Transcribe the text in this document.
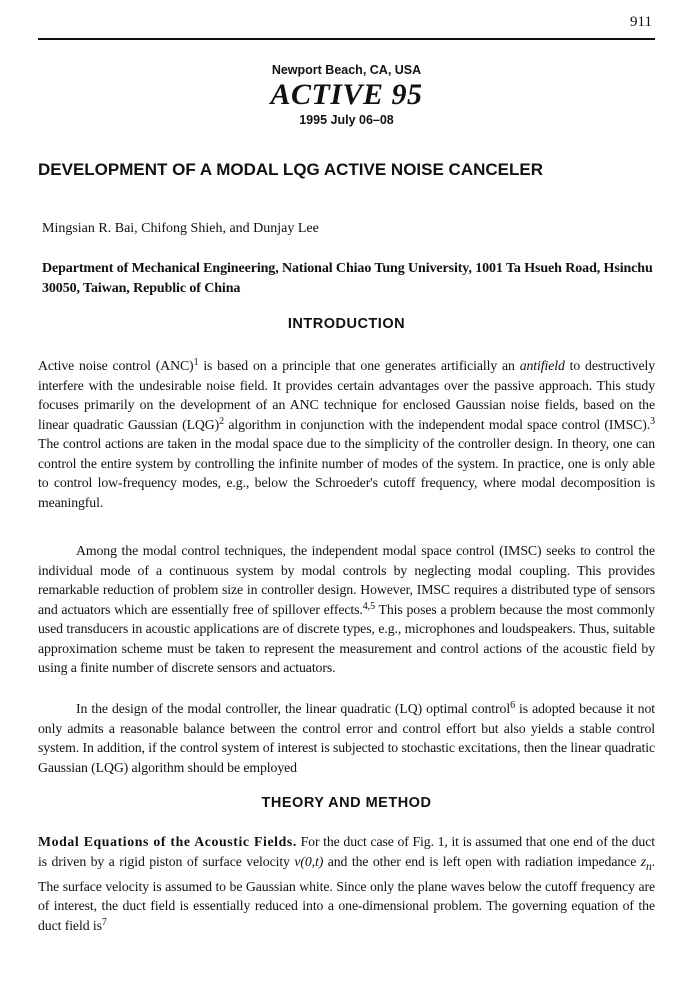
911
Newport Beach, CA, USA
ACTIVE 95
1995 July 06–08
DEVELOPMENT OF A MODAL LQG ACTIVE NOISE CANCELER
Mingsian R. Bai, Chifong Shieh, and Dunjay Lee
Department of Mechanical Engineering, National Chiao Tung University, 1001 Ta Hsueh Road, Hsinchu 30050, Taiwan, Republic of China
INTRODUCTION

Active noise control (ANC)$^1$ is based on a principle that one generates artificially an antifield to destructively interfere with the undesirable noise field. It provides certain advantages over the passive approach. This study focuses primarily on the development of an ANC technique for enclosed Gaussian noise fields, based on the linear quadratic Gaussian (LQG)$^2$ algorithm in conjunction with the independent modal space control (IMSC).$^3$ The control actions are taken in the modal space due to the simplicity of the controller design. In theory, one can control the entire system by controlling the infinite number of modes of the system. In practice, one is only able to control low-frequency modes, e.g., below the Schroeder's cutoff frequency, where modal decomposition is meaningful.

Among the modal control techniques, the independent modal space control (IMSC) seeks to control the individual mode of a continuous system by modal controls by neglecting modal coupling. This provides remarkable reduction of problem size in controller design. However, IMSC requires a distributed type of sensors and actuators which are essentially free of spillover effects.$^{4,5}$ This poses a problem because the most commonly used transducers in acoustic applications are of discrete types, e.g., microphones and loudspeakers. Thus, suitable approximation scheme must be taken to represent the measurement and control actions of the acoustic field by using a finite number of discrete sensors and actuators.

In the design of the modal controller, the linear quadratic (LQ) optimal control$^6$ is adopted because it not only admits a reasonable balance between the control error and control effort but also yields a stable control system. In addition, if the control system of interest is subjected to stochastic excitations, then the linear quadratic Gaussian (LQG) algorithm should be employed

THEORY AND METHOD

Modal Equations of the Acoustic Fields. For the duct case of Fig. 1, it is assumed that one end of the duct is driven by a rigid piston of surface velocity v(0,t) and the other end is left open with radiation impedance $z_n$. The surface velocity is assumed to be Gaussian white. Since only the plane waves below the cutoff frequency are of interest, the duct field is essentially reduced into a one-dimensional problem. The governing equation of the duct field $is^7$
